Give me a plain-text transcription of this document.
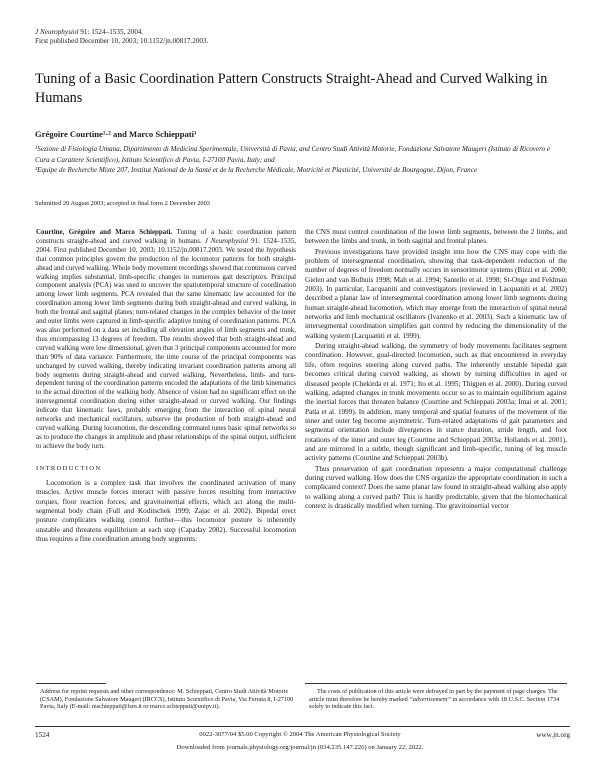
J Neurophysiol 91: 1524–1535, 2004.
First published December 10, 2003; 10.1152/jn.00817.2003.
Tuning of a Basic Coordination Pattern Constructs Straight-Ahead and Curved Walking in Humans
Grégoire Courtine¹·² and Marco Schieppati¹
¹Sezione di Fisiologia Umana, Dipartimento di Medicina Sperimentale, Università di Pavia, and Centro Studi Attività Motorie, Fondazione Salvatore Maugeri (Istituto di Ricovero e Cura a Carattere Scientifico), Istituto Scientifico di Pavia, I-27100 Pavia, Italy; and
²Equipe de Recherche Mixte 207, Institut National de la Santé et de la Recherche Médicale, Motricité et Plasticité, Université de Bourgogne, Dijon, France
Submitted 20 August 2003; accepted in final form 2 December 2003

Courtine, Grégoire and Marco Schieppati. Tuning of a basic coordination pattern constructs straight-ahead and curved walking in humans. J Neurophysiol 91: 1524–1535, 2004. First published December 10, 2003; 10.1152/jn.00817.2003. We tested the hypothesis that common principles govern the production of the locomotor patterns for both straight-ahead and curved walking. Whole body movement recordings showed that continuous curved walking implies substantial, limb-specific changes in numerous gait descriptors. Principal component analysis (PCA) was used to uncover the spatiotemporal structure of coordination among lower limb segments. PCA revealed that the same kinematic law accounted for the coordination among lower limb segments during both straight-ahead and curved walking, in both the frontal and sagittal planes; turn-related changes in the complex behavior of the inner and outer limbs were captured in limb-specific adaptive tuning of coordination patterns. PCA was also performed on a data set including all elevation angles of limb segments and trunk, thus encompassing 13 degrees of freedom. The results showed that both straight-ahead and curved walking were low dimensional, given that 3 principal components accounted for more than 90% of data variance. Furthermore, the time course of the principal components was unchanged by curved walking, thereby indicating invariant coordination patterns among all body segments during straight-ahead and curved walking. Nevertheless, limb- and turn-dependent tuning of the coordination patterns encoded the adaptations of the limb kinematics to the actual direction of the walking body. Absence of vision had no significant effect on the intersegmental coordination during either straight-ahead or curved walking. Our findings indicate that kinematic laws, probably emerging from the interaction of spinal neural networks and mechanical oscillators, subserve the production of both straight-ahead and curved walking. During locomotion, the descending command tunes basic spinal networks so as to produce the changes in amplitude and phase relationships of the spinal output, sufficient to achieve the body turn.

INTRODUCTION

Locomotion is a complex task that involves the coordinated activation of many muscles. Active muscle forces interact with passive forces resulting from interactive torques, floor reaction forces, and gravitoinertial effects, which act along the multi-segmental body chain (Full and Koditschek 1999; Zajac et al. 2002). Bipedal erect posture complicates walking control further—this locomotor posture is inherently unstable and threatens equilibrium at each step (Capaday 2002). Successful locomotion thus requires a fine coordination among body segments:

the CNS must control coordination of the lower limb segments, between the 2 limbs, and between the limbs and trunk, in both sagittal and frontal planes.

Previous investigations have provided insight into how the CNS may cope with the problem of intersegmental coordination, showing that task-dependent reduction of the number of degrees of freedom normally occurs in sensorimotor systems (Bizzi et al. 2000; Gielen and van Bolhuis 1998; Mah et al. 1994; Santello et al. 1998; St-Onge and Feldman 2003). In particular, Lacquaniti and coinvestigators (reviewed in Lacquaniti et al. 2002) described a planar law of intersegmental coordination among lower limb segments during human straight-ahead locomotion, which may emerge from the interaction of spinal neural networks and limb mechanical oscillators (Ivanenko et al. 2003). Such a kinematic law of intersegmental coordination simplifies gait control by reducing the dimensionality of the walking system (Lacquaniti et al. 1999).

During straight-ahead walking, the symmetry of body movements facilitates segment coordination. However, goal-directed locomotion, such as that encountered in everyday life, often requires steering along curved paths. The inherently unstable bipedal gait becomes critical during curved walking, as shown by turning difficulties in aged or diseased people (Chekirda et al. 1971; Ito et al. 1995; Thigpen et al. 2000). During curved walking, adapted changes in trunk movements occur so as to maintain equilibrium against the inertial forces that threaten balance (Courtine and Schieppati 2003a; Imai et al. 2001; Patla et al. 1999). In addition, many temporal and spatial features of the movement of the inner and outer leg become asymmetric. Turn-related adaptations of gait parameters and segmental orientation include divergences in stance duration, stride length, and foot rotations of the inner and outer leg (Courtine and Schieppati 2003a; Hollands et al. 2001), and are mirrored in a subtle, though significant and limb-specific, tuning of leg muscle activity patterns (Courtine and Schieppati 2003b).

Thus preservation of gait coordination represents a major computational challenge during curved walking. How does the CNS organize the appropriate coordination in such a complicated context? Does the same planar law found in straight-ahead walking also apply to walking along a curved path? This is hardly predictable, given that the biomechanical context is drastically modified when turning. The gravitoinertial vector

Address for reprint requests and other correspondence: M. Schieppati, Centro Studi Attività Motorie (CSAM), Fondazione Salvatore Maugeri (IRCCS), Istituto Scientifico di Pavia, Via Ferrata 8, I-27100 Pavia, Italy (E-mail: mschieppati@fsm.it or marco.schieppati@unipv.it).
The costs of publication of this article were defrayed in part by the payment of page charges. The article must therefore be hereby marked “advertisement” in accordance with 18 U.S.C. Section 1734 solely to indicate this fact.
1524	0022-3077/04 $5.00 Copyright © 2004 The American Physiological Society	www.jn.org
Downloaded from journals.physiology.org/journal/jn (034.235.147.226) on January 22, 2022.
